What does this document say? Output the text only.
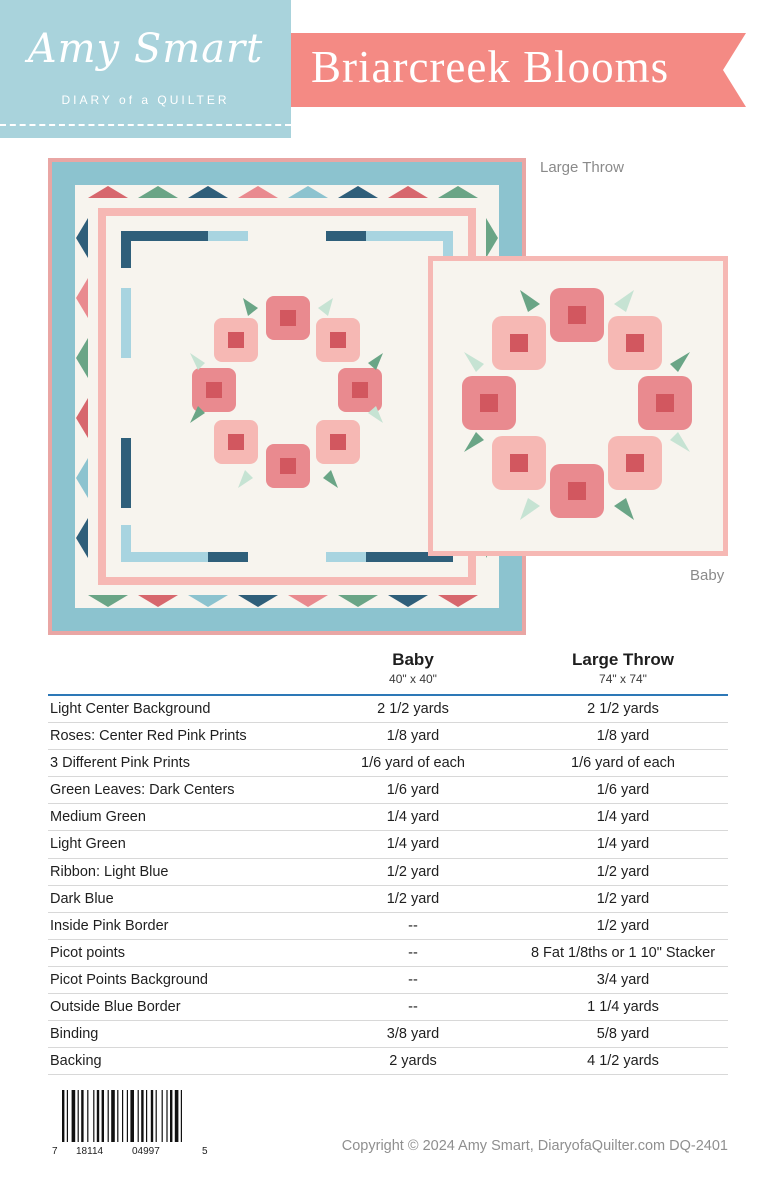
Amy Smart
DIARY of a QUILTER
Briarcreek Blooms
Large Throw
Baby
Baby
40" x 40"
Large Throw
74" x 74"
Light Center Background	2 1/2 yards	2 1/2 yards
Roses: Center Red Pink Prints	1/8 yard	1/8 yard
3 Different Pink Prints	1/6 yard of each	1/6 yard of each
Green Leaves: Dark Centers	1/6 yard	1/6 yard
Medium Green	1/4 yard	1/4 yard
Light Green	1/4 yard	1/4 yard
Ribbon: Light Blue	1/2 yard	1/2 yard
Dark Blue	1/2 yard	1/2 yard
Inside Pink Border	--	1/2 yard
Picot points	--	8 Fat 1/8ths or 1 10" Stacker
Picot Points Background	--	3/4 yard
Outside Blue Border	--	1 1/4 yards
Binding	3/8 yard	5/8 yard
Backing	2 yards	4 1/2 yards
7 18114	04997	5	Copyright © 2024 Amy Smart, DiaryofaQuilter.com DQ-2401
